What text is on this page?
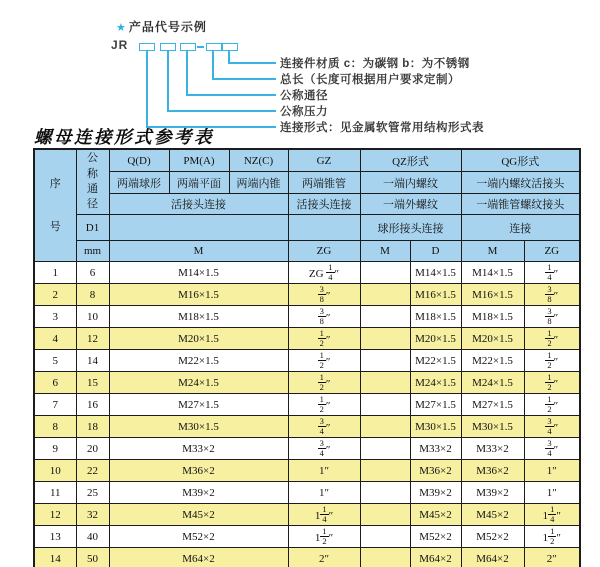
★ 产品代号示例
JR
连接件材质 c：为碳钢 b：为不锈钢
总长（长度可根据用户要求定制）
公称通径
公称压力
连接形式：见金属软管常用结构形式表
螺母连接形式参考表
序号	公称通径	Q(D)	PM(A)	NZ(C)	GZ	QZ形式		QG形式	
		两端球形	两端平面	两端内锥	两端锥管	一端内螺纹		一端内螺纹活接头	
		活接头连接			活接头连接	一端外螺纹		一端锥管螺纹接头	
	D1					球形接头连接		连接	
	mm	M			ZG	M	D	M	ZG
1	6	M14×1.5			ZG $\frac{1}{4}$ ″		M14×1.5	M14×1.5	$\frac{1}{4}$ ″
2	8	M16×1.5			$\frac{3}{8}$ ″		M16×1.5	M16×1.5	$\frac{3}{8}$ ″
3	10	M18×1.5			$\frac{3}{8}$ ″		M18×1.5	M18×1.5	$\frac{3}{8}$ ″
4	12	M20×1.5			$\frac{1}{2}$ ″		M20×1.5	M20×1.5	$\frac{1}{2}$ ″
5	14	M22×1.5			$\frac{1}{2}$ ″		M22×1.5	M22×1.5	$\frac{1}{2}$ ″
6	15	M24×1.5			$\frac{1}{2}$ ″		M24×1.5	M24×1.5	$\frac{1}{2}$ ″
7	16	M27×1.5			$\frac{1}{2}$ ″		M27×1.5	M27×1.5	$\frac{1}{2}$ ″
8	18	M30×1.5			$\frac{3}{4}$ ″		M30×1.5	M30×1.5	$\frac{3}{4}$ ″
9	20	M33×2			$\frac{3}{4}$ ″		M33×2	M33×2	$\frac{3}{4}$ ″
10	22	M36×2			1″		M36×2	M36×2	1″
11	25	M39×2			1″		M39×2	M39×2	1″
12	32	M45×2			$1 \frac{1}{4}$ ″		M45×2	M45×2	$1 \frac{1}{4}$ ″
13	40	M52×2			$1 \frac{1}{2}$ ″		M52×2	M52×2	$1 \frac{1}{2}$ ″
14	50	M64×2			2″		M64×2	M64×2	2″
